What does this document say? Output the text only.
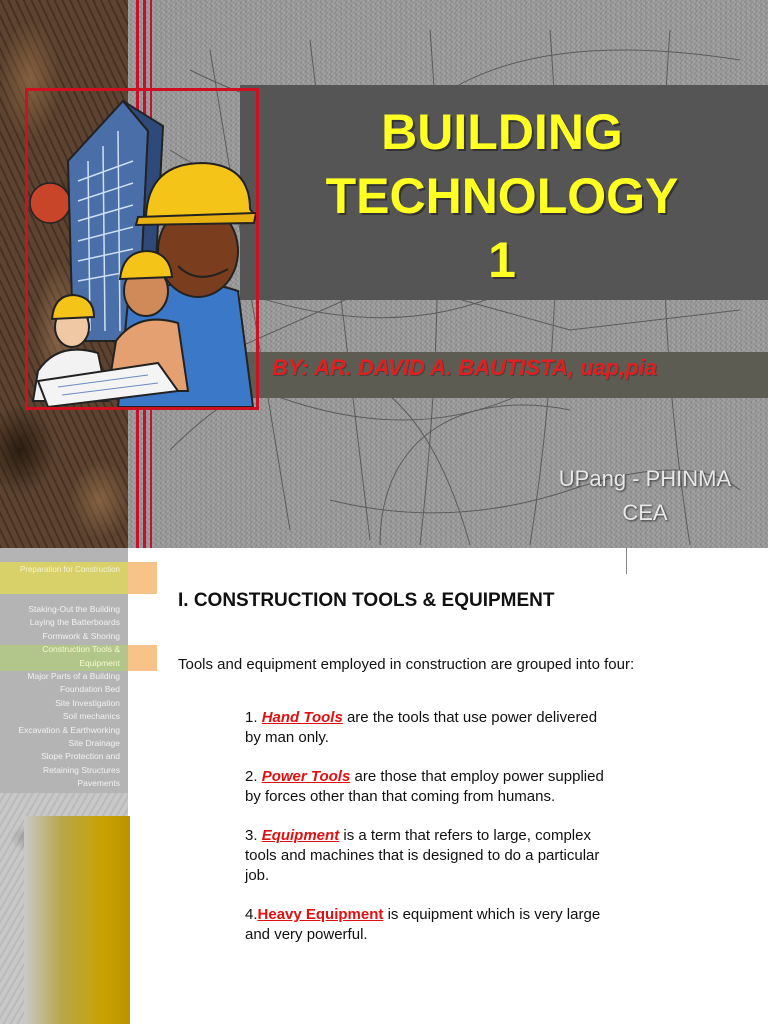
BUILDING
TECHNOLOGY
1
BY: AR. DAVID A. BAUTISTA, uap,pia
UPang - PHINMA
CEA
Preparation for Construction
Staking-Out the Building
Laying the Batterboards
Formwork & Shoring
Construction Tools &
Equipment
Major Parts of a Building
Foundation Bed
Site Investigation
Soil mechanics
Excavation & Earthworking
Site Drainage
Slope Protection and
Retaining Structures
Pavements
I. CONSTRUCTION TOOLS & EQUIPMENT
Tools and equipment employed in construction are grouped into four:
1. Hand Tools are the tools that use power delivered by man only.
2. Power Tools are those that employ power supplied by forces other than that coming from humans.
3. Equipment is a term that refers to large, complex tools and machines that is designed to do a particular job.
4.Heavy Equipment is equipment which is very large and very powerful.
